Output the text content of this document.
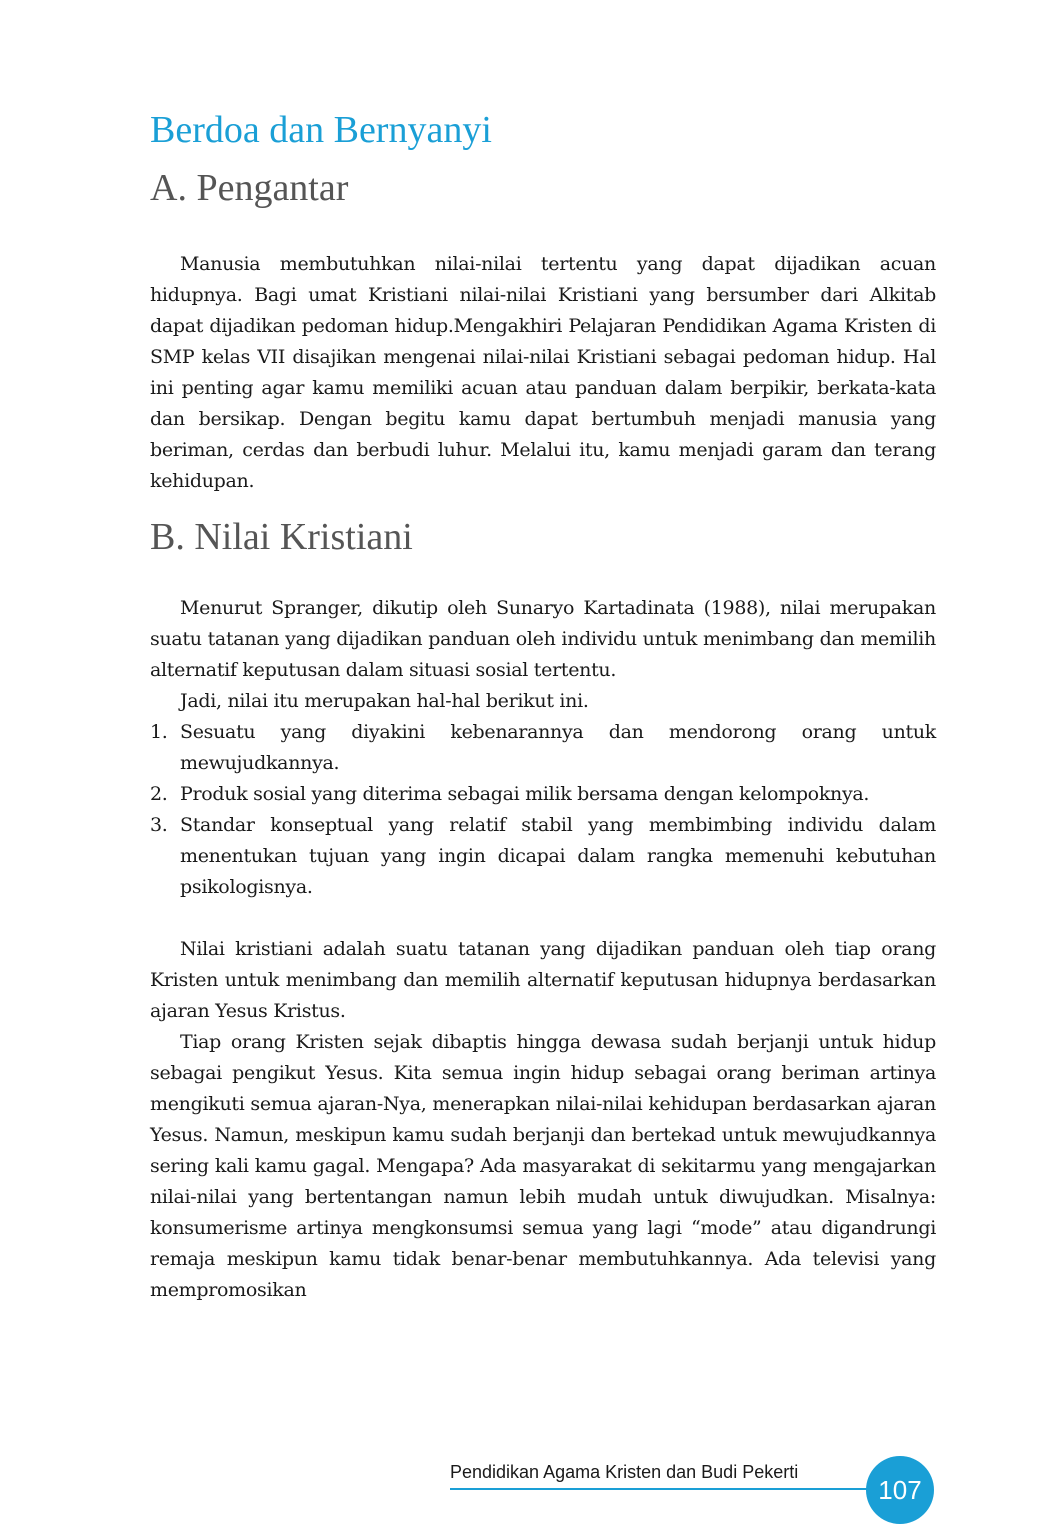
Berdoa dan Bernyanyi
A. Pengantar

Manusia membutuhkan nilai-nilai tertentu yang dapat dijadikan acuan hidupnya. Bagi umat Kristiani nilai-nilai Kristiani yang bersumber dari Alkitab dapat dijadikan pedoman hidup.Mengakhiri Pelajaran Pendidikan Agama Kristen di SMP kelas VII disajikan mengenai nilai-nilai Kristiani sebagai pedoman hidup. Hal ini penting agar kamu memiliki acuan atau panduan dalam berpikir, berkata-kata dan bersikap. Dengan begitu kamu dapat bertumbuh menjadi manusia yang beriman, cerdas dan berbudi luhur. Melalui itu, kamu menjadi garam dan terang kehidupan.

B. Nilai Kristiani

Menurut Spranger, dikutip oleh Sunaryo Kartadinata (1988), nilai merupakan suatu tatanan yang dijadikan panduan oleh individu untuk menimbang dan memilih alternatif keputusan dalam situasi sosial tertentu.

Jadi, nilai itu merupakan hal-hal berikut ini.

1. Sesuatu yang diyakini kebenarannya dan mendorong orang untuk mewujudkannya.
2. Produk sosial yang diterima sebagai milik bersama dengan kelompoknya.
3. Standar konseptual yang relatif stabil yang membimbing individu dalam menentukan tujuan yang ingin dicapai dalam rangka memenuhi kebutuhan psikologisnya.

Nilai kristiani adalah suatu tatanan yang dijadikan panduan oleh tiap orang Kristen untuk menimbang dan memilih alternatif keputusan hidupnya berdasarkan ajaran Yesus Kristus.

Tiap orang Kristen sejak dibaptis hingga dewasa sudah berjanji untuk hidup sebagai pengikut Yesus. Kita semua ingin hidup sebagai orang beriman artinya mengikuti semua ajaran-Nya, menerapkan nilai-nilai kehidupan berdasarkan ajaran Yesus. Namun, meskipun kamu sudah berjanji dan bertekad untuk mewujudkannya sering kali kamu gagal. Mengapa? Ada masyarakat di sekitarmu yang mengajarkan nilai-nilai yang bertentangan namun lebih mudah untuk diwujudkan. Misalnya: konsumerisme artinya mengkonsumsi semua yang lagi “mode” atau digandrungi remaja meskipun kamu tidak benar-benar membutuhkannya. Ada televisi yang mempromosikan

Pendidikan Agama Kristen dan Budi Pekerti
107
